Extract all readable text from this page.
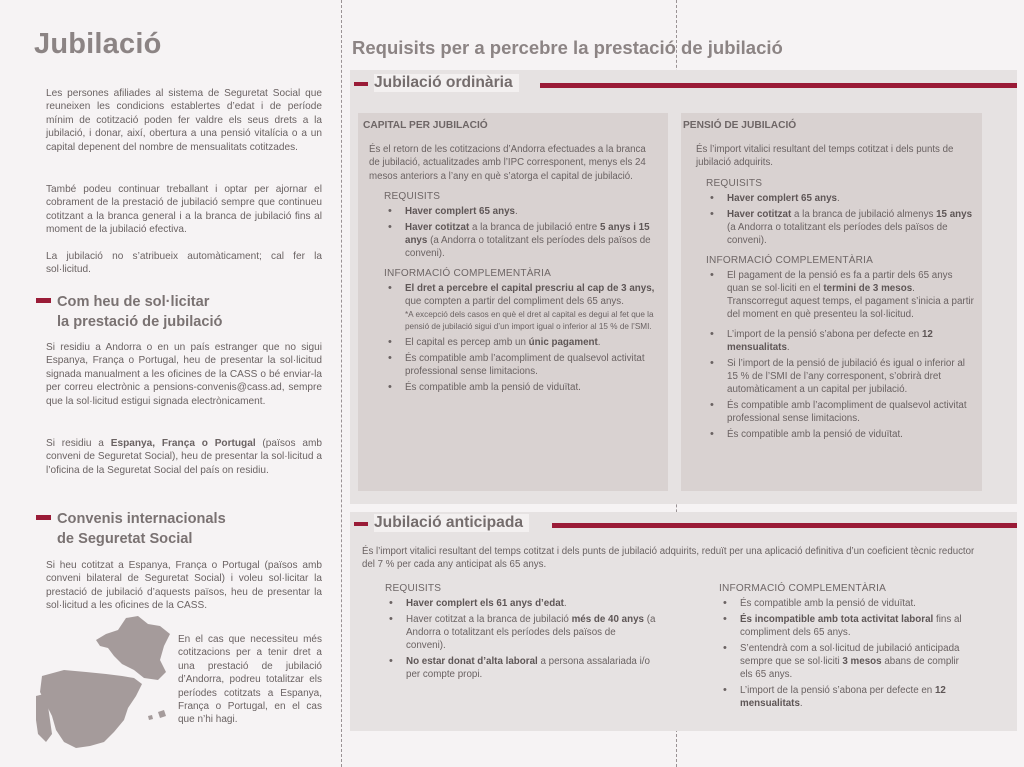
Jubilació

Les persones afiliades al sistema de Seguretat Social que reuneixen les condicions establertes d’edat i de període mínim de cotització poden fer valdre els seus drets a la jubilació, i donar, així, obertura a una pensió vitalícia o a un capital depenent del nombre de mensualitats cotitzades.

També podeu continuar treballant i optar per ajornar el cobrament de la prestació de jubilació sempre que continueu cotitzant a la branca general i a la branca de jubilació fins al moment de la jubilació efectiva.

La jubilació no s’atribueix automàticament; cal fer la sol·licitud.

Com heu de sol·licitar
la prestació de jubilació

Si residiu a Andorra o en un país estranger que no sigui Espanya, França o Portugal, heu de presentar la sol·licitud signada manualment a les oficines de la CASS o bé enviar-la per correu electrònic a pensions-convenis@cass.ad, sempre que la sol·licitud estigui signada electrònicament.

Si residiu a Espanya, França o Portugal (països amb conveni de Seguretat Social), heu de presentar la sol·licitud a l’oficina de la Seguretat Social del país on residiu.

Convenis internacionals
de Seguretat Social

Si heu cotitzat a Espanya, França o Portugal (països amb conveni bilateral de Seguretat Social) i voleu sol·licitar la prestació de jubilació d’aquests països, heu de presentar la sol·licitud a les oficines de la CASS.

En el cas que necessiteu més cotitzacions per a tenir dret a una prestació de jubilació d’Andorra, podreu totalitzar els períodes cotitzats a Espanya, França o Portugal, en el cas que n’hi hagi.

Requisits per a percebre la prestació de jubilació
Jubilació ordinària
CAPITAL PER JUBILACIÓ
És el retorn de les cotitzacions d’Andorra efectuades a la branca de jubilació, actualitzades amb l’IPC corresponent, menys els 24 mesos anteriors a l’any en què s’atorga el capital de jubilació.
REQUISITS
• Haver complert 65 anys.
• Haver cotitzat a la branca de jubilació entre 5 anys i 15 anys (a Andorra o totalitzant els períodes dels països de conveni).
INFORMACIÓ COMPLEMENTÀRIA
• El dret a percebre el capital prescriu al cap de 3 anys, que compten a partir del compliment dels 65 anys.
*A excepció dels casos en què el dret al capital es degui al fet que la pensió de jubilació sigui d’un import igual o inferior al 15 % de l’SMI.
• El capital es percep amb un únic pagament.
• És compatible amb l’acompliment de qualsevol activitat professional sense limitacions.
• És compatible amb la pensió de viduïtat.
PENSIÓ DE JUBILACIÓ
És l’import vitalici resultant del temps cotitzat i dels punts de jubilació adquirits.
REQUISITS
• Haver complert 65 anys.
• Haver cotitzat a la branca de jubilació almenys 15 anys (a Andorra o totalitzant els períodes dels països de conveni).
INFORMACIÓ COMPLEMENTÀRIA
• El pagament de la pensió es fa a partir dels 65 anys quan se sol·liciti en el termini de 3 mesos. Transcorregut aquest temps, el pagament s’inicia a partir del moment en què presenteu la sol·licitud.
• L’import de la pensió s’abona per defecte en 12 mensualitats.
• Si l’import de la pensió de jubilació és igual o inferior al 15 % de l’SMI de l’any corresponent, s’obrirà dret automàticament a un capital per jubilació.
• És compatible amb l’acompliment de qualsevol activitat professional sense limitacions.
• És compatible amb la pensió de viduïtat.
Jubilació anticipada
És l’import vitalici resultant del temps cotitzat i dels punts de jubilació adquirits, reduït per una aplicació definitiva d’un coeficient tècnic reductor del 7 % per cada any anticipat als 65 anys.
REQUISITS
• Haver complert els 61 anys d’edat.
• Haver cotitzat a la branca de jubilació més de 40 anys (a Andorra o totalitzant els períodes dels països de conveni).
• No estar donat d’alta laboral a persona assalariada i/o per compte propi.
INFORMACIÓ COMPLEMENTÀRIA
• És compatible amb la pensió de viduïtat.
• És incompatible amb tota activitat laboral fins al compliment dels 65 anys.
• S’entendrà com a sol·licitud de jubilació anticipada sempre que se sol·liciti 3 mesos abans de complir els 65 anys.
• L’import de la pensió s’abona per defecte en 12 mensualitats.
